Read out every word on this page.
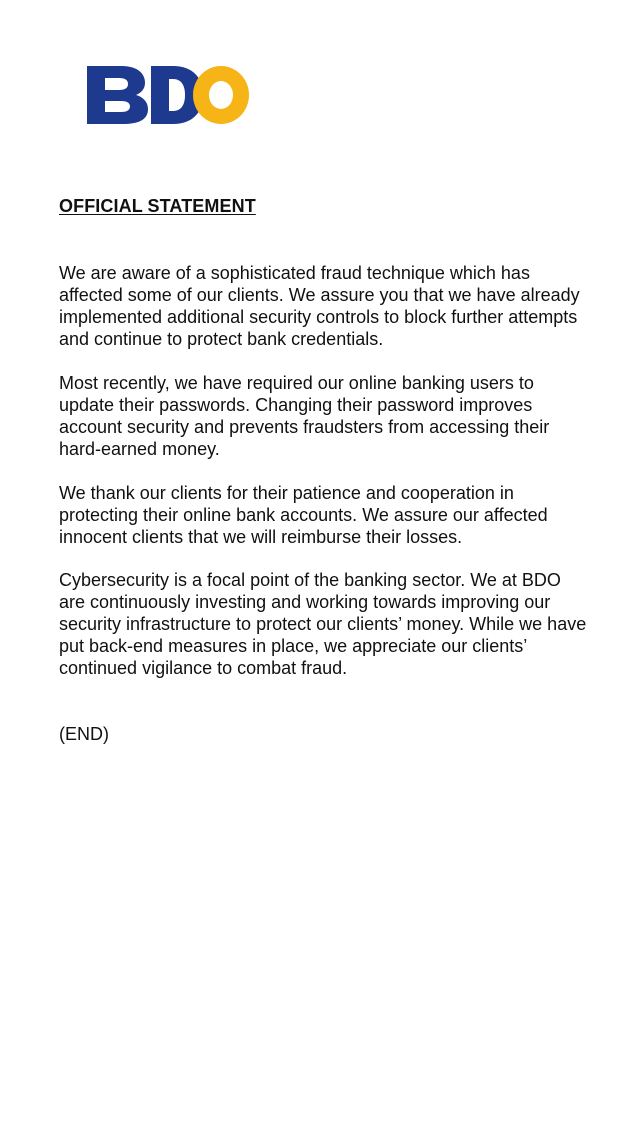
OFFICIAL STATEMENT

We are aware of a sophisticated fraud technique which has affected some of our clients. We assure you that we have already implemented additional security controls to block further attempts and continue to protect bank credentials.

Most recently, we have required our online banking users to update their passwords. Changing their password improves account security and prevents fraudsters from accessing their hard-earned money.

We thank our clients for their patience and cooperation in protecting their online bank accounts. We assure our affected innocent clients that we will reimburse their losses.

Cybersecurity is a focal point of the banking sector. We at BDO are continuously investing and working towards improving our security infrastructure to protect our clients’ money. While we have put back-end measures in place, we appreciate our clients’ continued vigilance to combat fraud.

(END)
